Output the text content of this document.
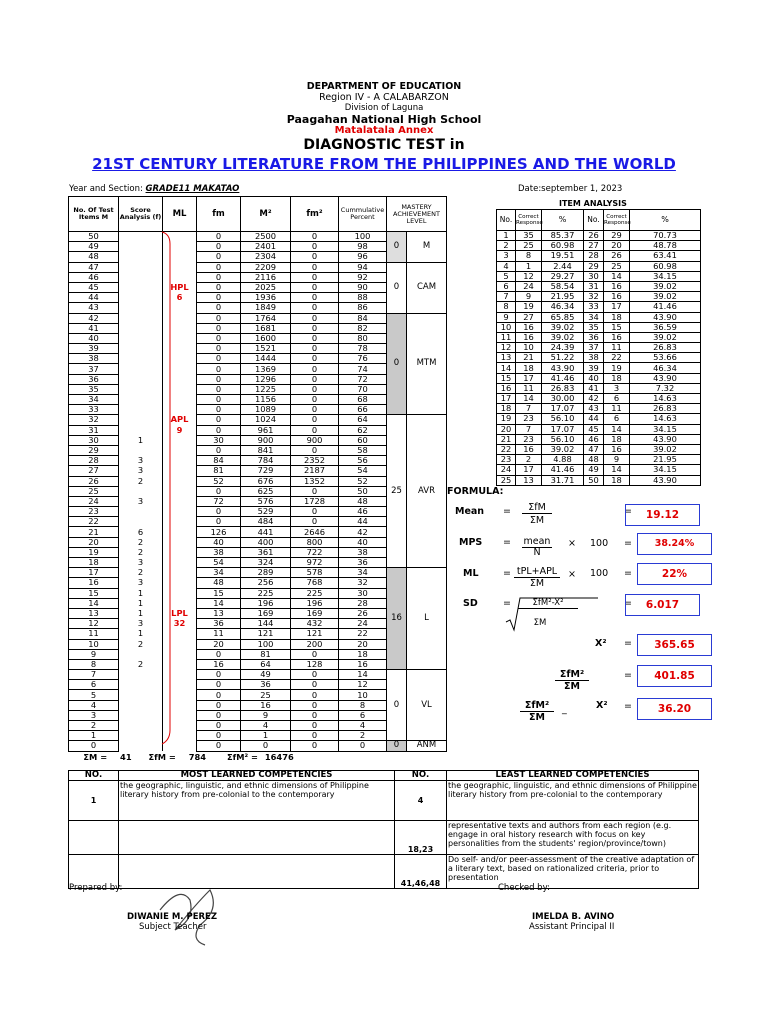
DEPARTMENT OF EDUCATION
Region IV - A CALABARZON
Division of Laguna
Paagahan National High School
Matalatala Annex
DIAGNOSTIC TEST in
21ST CENTURY LITERATURE FROM THE PHILIPPINES AND THE WORLD
Year and Section: GRADE11 MAKATAO	Date:september 1, 2023
No. Of Test Items M	Score Analysis (f)	ML	fm	M²	fm²	Cummulative Percent	MASTERY ACHIEVEMENT LEVEL	
50			0	2500	0	100	0	M
49			0	2401	0	98		
48			0	2304	0	96		
47			0	2209	0	94	0	CAM
46			0	2116	0	92		
45		HPL	0	2025	0	90		
44		6	0	1936	0	88		
43			0	1849	0	86		
42			0	1764	0	84	0	MTM
41			0	1681	0	82		
40			0	1600	0	80		
39			0	1521	0	78		
38			0	1444	0	76		
37			0	1369	0	74		
36			0	1296	0	72		
35			0	1225	0	70		
34			0	1156	0	68		
33			0	1089	0	66		
32		APL	0	1024	0	64	25	AVR
31		9	0	961	0	62		
30	1		30	900	900	60		
29			0	841	0	58		
28	3		84	784	2352	56		
27	3		81	729	2187	54		
26	2		52	676	1352	52		
25			0	625	0	50		
24	3		72	576	1728	48		
23			0	529	0	46		
22			0	484	0	44		
21	6		126	441	2646	42		
20	2		40	400	800	40		
19	2		38	361	722	38		
18	3		54	324	972	36		
17	2		34	289	578	34	16	L
16	3		48	256	768	32		
15	1		15	225	225	30		
14	1		14	196	196	28		
13	1	LPL	13	169	169	26		
12	3	32	36	144	432	24		
11	1		11	121	121	22		
10	2		20	100	200	20		
9			0	81	0	18		
8	2		16	64	128	16		
7			0	49	0	14	0	VL
6			0	36	0	12		
5			0	25	0	10		
4			0	16	0	8		
3			0	9	0	6		
2			0	4	0	4		
1			0	1	0	2		
0			0	0	0	0	0	ANM
ΣM = 41 ΣfM = 784 ΣfM² = 16476								
ITEM ANALYSIS
No.	Correct Response	%	No.	Correct Response	%
1	35	85.37	26	29	70.73
2	25	60.98	27	20	48.78
3	8	19.51	28	26	63.41
4	1	2.44	29	25	60.98
5	12	29.27	30	14	34.15
6	24	58.54	31	16	39.02
7	9	21.95	32	16	39.02
8	19	46.34	33	17	41.46
9	27	65.85	34	18	43.90
10	16	39.02	35	15	36.59
11	16	39.02	36	16	39.02
12	10	24.39	37	11	26.83
13	21	51.22	38	22	53.66
14	18	43.90	39	19	46.34
15	17	41.46	40	18	43.90
16	11	26.83	41	3	7.32
17	14	30.00	42	6	14.63
18	7	17.07	43	11	26.83
19	23	56.10	44	6	14.63
20	7	17.07	45	14	34.15
21	23	56.10	46	18	43.90
22	16	39.02	47	16	39.02
23	2	4.88	48	9	21.95
24	17	41.46	49	14	34.15
25	13	31.71	50	18	43.90
FORMULA:
Mean =	ΣfM
ΣM
=	19.12
MPS = mean
N
× 100 =	38.24%
ML	= tPL+APL
ΣM
× 100 =	22%
SD	=	ΣfM²-X²
ΣM
=	6.017
X² =	365.65
ΣfM²
ΣM
=	401.85
ΣfM²
ΣM
_	X² =	36.20
NO.	MOST LEARNED COMPETENCIES	NO.	LEAST LEARNED COMPETENCIES
1	the geographic, linguistic, and ethnic dimensions of Philippine literary history from pre-colonial to the contemporary	4	the geographic, linguistic, and ethnic dimensions of Philippine literary history from pre-colonial to the contemporary
		18,23	representative texts and authors from each region (e.g. engage in oral history research with focus on key personalities from the students' region/province/town)
		41,46,48	Do self- and/or peer-assessment of the creative adaptation of a literary text, based on rationalized criteria, prior to presentation
Prepared by:
DIWANIE M. PEREZ
Subject Teacher
Checked by:
IMELDA B. AVINO
Assistant Principal II
